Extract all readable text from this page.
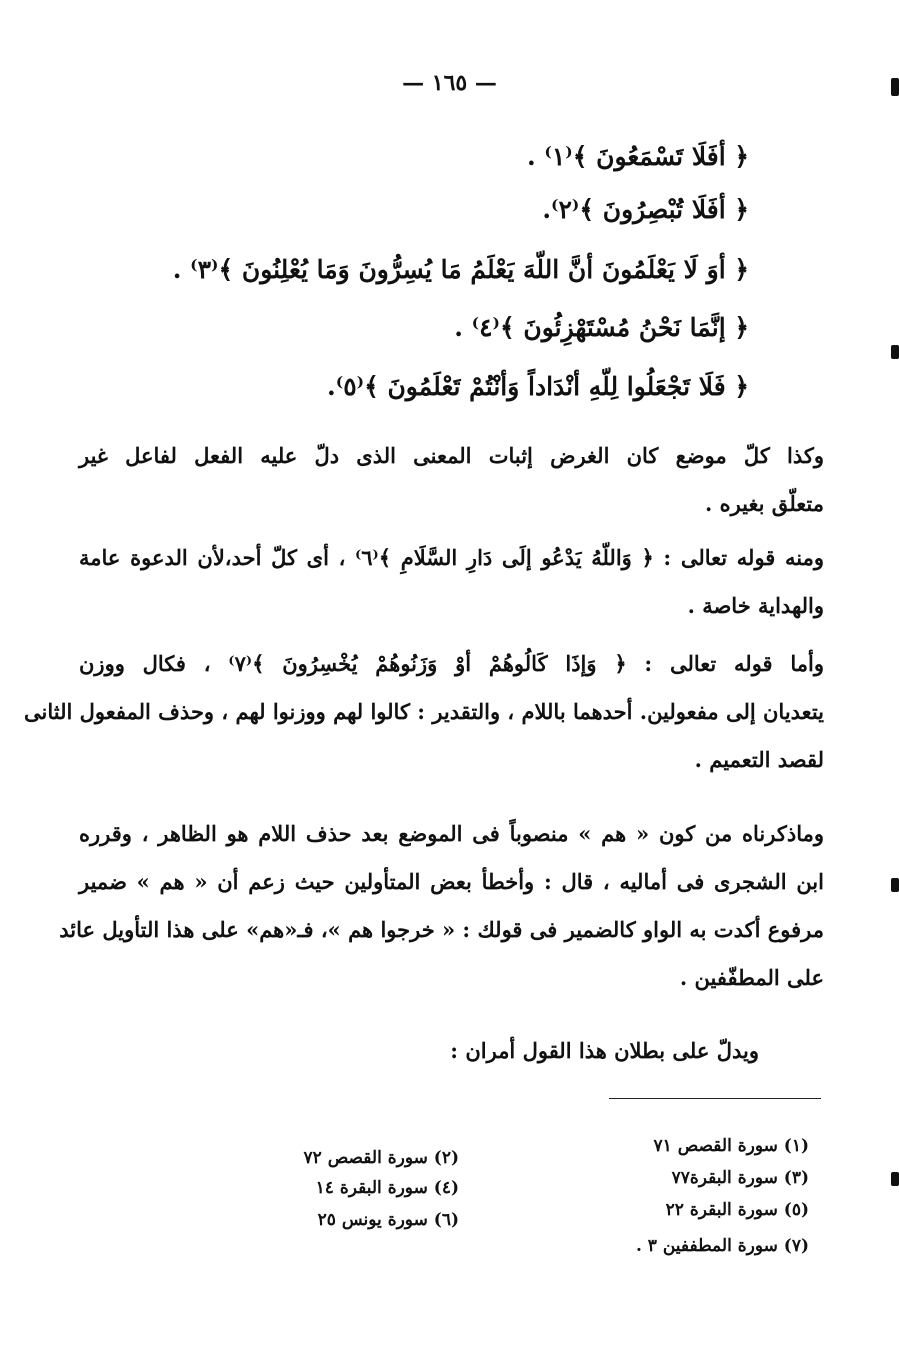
— ١٦٥ —
﴿ أفَلَا تَسْمَعُونَ ﴾⁽١⁾ .
﴿ أفَلَا تُبْصِرُونَ ﴾⁽٢⁾.
﴿ أوَ لَا يَعْلَمُونَ أنَّ اللّهَ يَعْلَمُ مَا يُسِرُّونَ وَمَا يُعْلِنُونَ ﴾⁽٣⁾ .
﴿ إنَّمَا نَحْنُ مُسْتَهْزِئُونَ ﴾⁽٤⁾ .
﴿ فَلَا تَجْعَلُوا لِلّهِ أنْدَاداً وَأنْتُمْ تَعْلَمُونَ ﴾⁽٥⁾.
وكذا كلّ موضع كان الغرض إثبات المعنى الذى دلّ عليه الفعل لفاعل غير
متعلّق بغيره .
ومنه قوله تعالى : ﴿ وَاللّهُ يَدْعُو إلَى دَارِ السَّلَامِ ﴾⁽٦⁾ ، أى كلّ أحد،لأن الدعوة عامة
والهداية خاصة .
وأما قوله تعالى : ﴿ وَإذَا كَالُوهُمْ أوْ وَزَنُوهُمْ يُخْسِرُونَ ﴾⁽٧⁾ ، فكال ووزن
يتعديان إلى مفعولين. أحدهما باللام ، والتقدير : كالوا لهم ووزنوا لهم ، وحذف المفعول الثانى
لقصد التعميم .
وماذكرناه من كون « هم » منصوباً فى الموضع بعد حذف اللام هو الظاهر ، وقرره
ابن الشجرى فى أماليه ، قال : وأخطأ بعض المتأولين حيث زعم أن « هم » ضمير
مرفوع أكدت به الواو كالضمير فى قولك : « خرجوا هم »، فـ«هم» على هذا التأويل عائد
على المطفّفين .
ويدلّ على بطلان هذا القول أمران :
(١) سورة القصص ٧١
(٣) سورة البقرة٧٧
(٥) سورة البقرة ٢٢
(٧) سورة المطففين ٣ .
(٢) سورة القصص ٧٢
(٤) سورة البقرة ١٤
(٦) سورة يونس ٢٥
